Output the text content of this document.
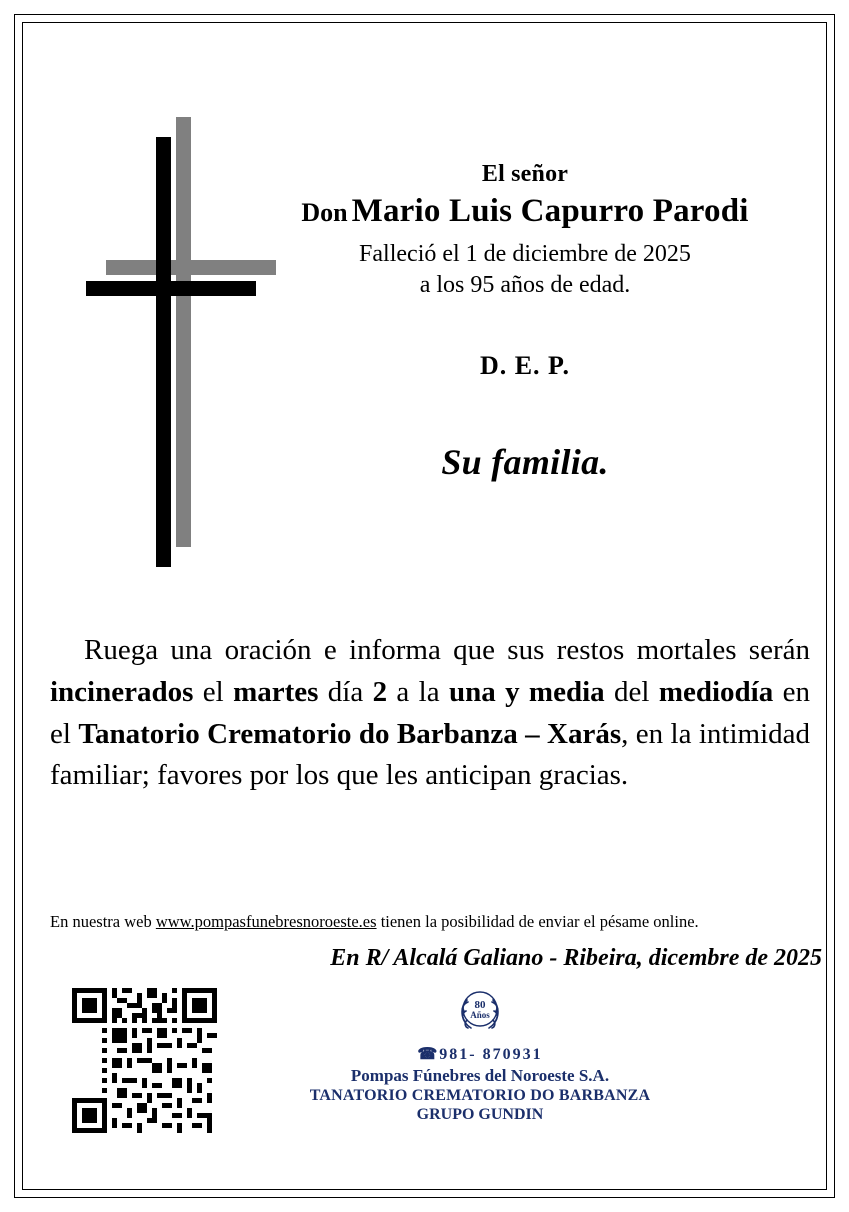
El señor
Don Mario Luis Capurro Parodi
Falleció el 1 de diciembre de 2025
a los 95 años de edad.
D. E. P.
Su familia.
Ruega una oración e informa que sus restos mortales serán incinerados el martes día 2 a la una y media del mediodía en el Tanatorio Crematorio do Barbanza – Xarás, en la intimidad familiar; favores por los que les anticipan gracias.
En nuestra web www.pompasfunebresnoroeste.es tienen la posibilidad de enviar el pésame online.
En R/ Alcalá Galiano - Ribeira, dicembre de 2025
80
Años
☎981- 870931
Pompas Fúnebres del Noroeste S.A.
TANATORIO CREMATORIO DO BARBANZA
GRUPO GUNDIN
